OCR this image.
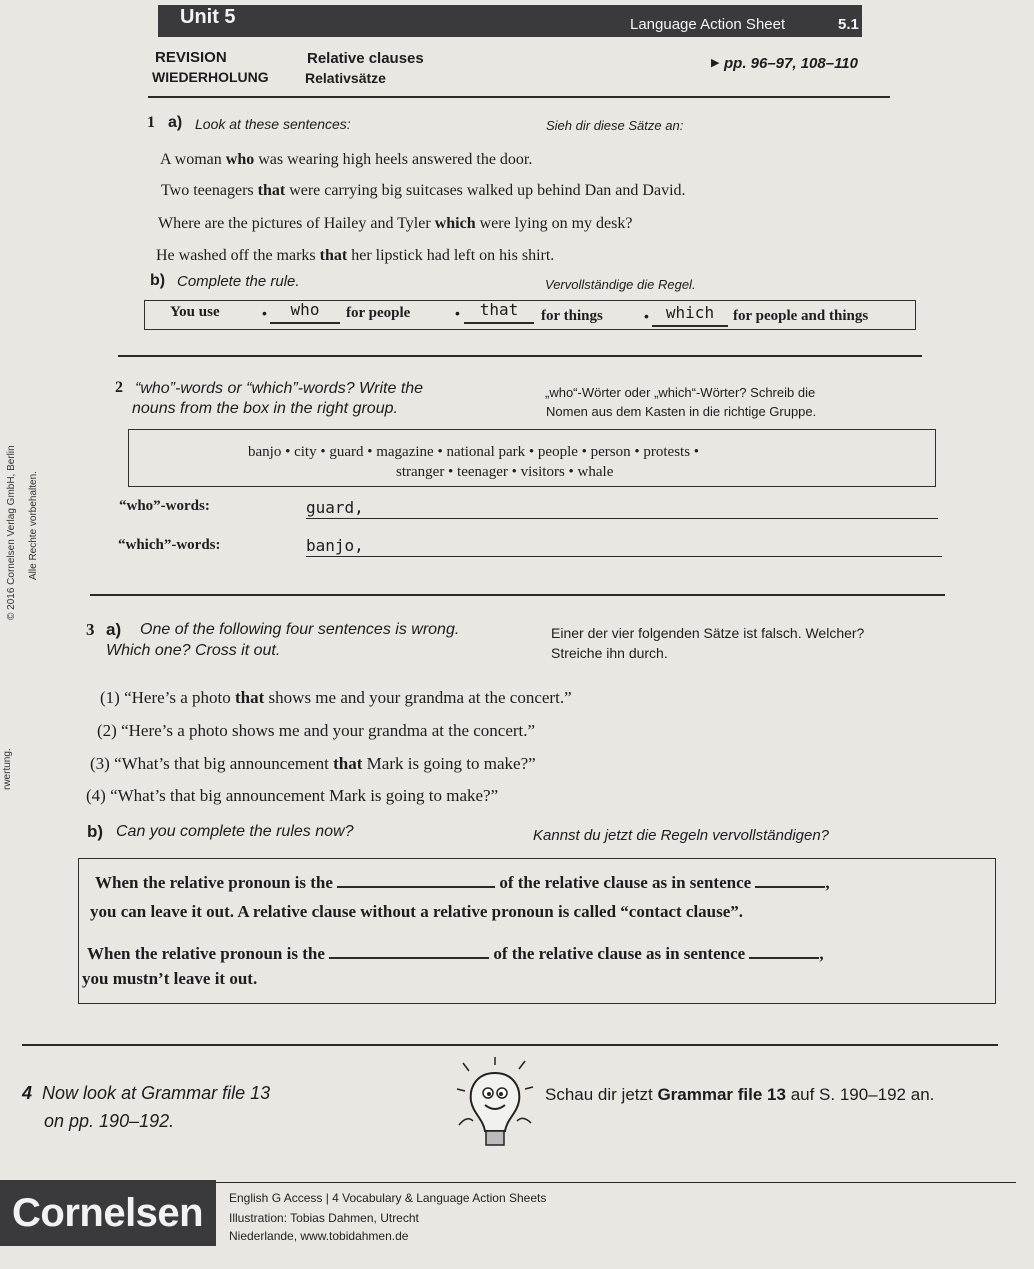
Unit 5	Language Action Sheet	5.1
REVISION
WIEDERHOLUNG
Relative clauses
Relativsätze
▶ pp. 96–97, 108–110
1 a) Look at these sentences:	Sieh dir diese Sätze an:
A woman who was wearing high heels answered the door.
Two teenagers that were carrying big suitcases walked up behind Dan and David.
Where are the pictures of Hailey and Tyler which were lying on my desk?
He washed off the marks that her lipstick had left on his shirt.
b) Complete the rule.	Vervollständige die Regel.
You use	•	who	for people	•	that	for things	•	which	for people and things
2 “who”-words or “which”-words? Write the
nouns from the box in the right group.
„who“-Wörter oder „which“-Wörter? Schreib die
Nomen aus dem Kasten in die richtige Gruppe.
banjo • city • guard • magazine • national park • people • person • protests •
stranger • teenager • visitors • whale
“who”-words:	guard,
“which”-words:	banjo,
3 a) One of the following four sentences is wrong.
Which one? Cross it out.
Einer der vier folgenden Sätze ist falsch. Welcher?
Streiche ihn durch.
(1) “Here’s a photo that shows me and your grandma at the concert.”
(2) “Here’s a photo shows me and your grandma at the concert.”
(3) “What’s that big announcement that Mark is going to make?”
(4) “What’s that big announcement Mark is going to make?”
b) Can you complete the rules now?	Kannst du jetzt die Regeln vervollständigen?
When the relative pronoun is the	of the relative clause as in sentence	,
you can leave it out. A relative clause without a relative pronoun is called “contact clause”.
When the relative pronoun is the	of the relative clause as in sentence	,
you mustn’t leave it out.
4 Now look at Grammar file 13
on pp. 190–192.
Schau dir jetzt Grammar file 13 auf S. 190–192 an.
Cornelsen	English G Access | 4 Vocabulary & Language Action Sheets
Illustration: Tobias Dahmen, Utrecht
Niederlande, www.tobidahmen.de
© 2016 Cornelsen Verlag GmbH, Berlin Alle Rechte vorbehalten.
rwertung.
